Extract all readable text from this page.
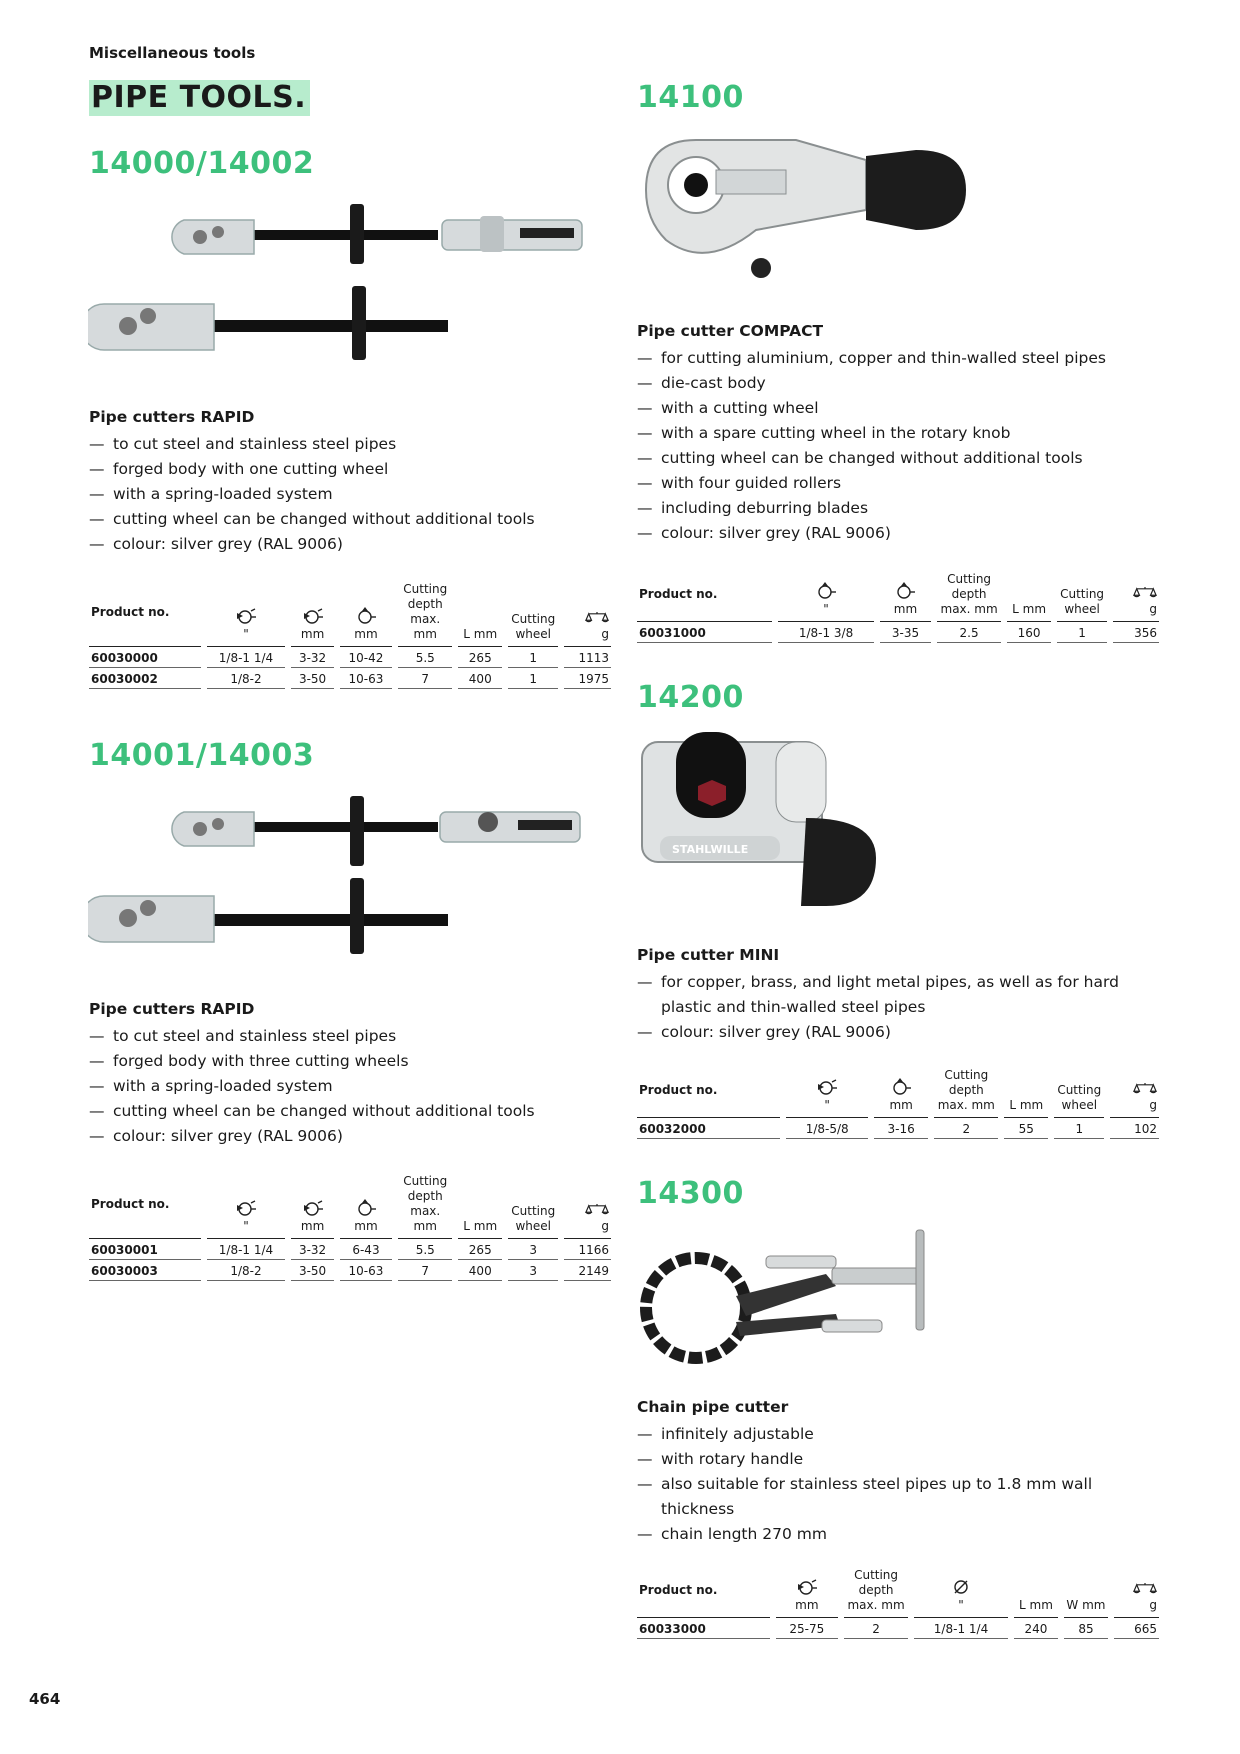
Miscellaneous tools
PIPE TOOLS.
14000/14002
Pipe cutters RAPID
— to cut steel and stainless steel pipes
— forged body with one cutting wheel
— with a spring-loaded system
— cutting wheel can be changed without additional tools
— colour: silver grey (RAL 9006)
Product no.	"	mm	mm	Cutting depth max. mm	L mm	Cutting wheel	g
60030000	1/8-1 1/4	3-32	10-42	5.5	265	1	1113
60030002	1/8-2	3-50	10-63	7	400	1	1975
14001/14003
Pipe cutters RAPID
— to cut steel and stainless steel pipes
— forged body with three cutting wheels
— with a spring-loaded system
— cutting wheel can be changed without additional tools
— colour: silver grey (RAL 9006)
Product no.	"	mm	mm	Cutting depth max. mm	L mm	Cutting wheel	g
60030001	1/8-1 1/4	3-32	6-43	5.5	265	3	1166
60030003	1/8-2	3-50	10-63	7	400	3	2149
14100
Pipe cutter COMPACT
— for cutting aluminium, copper and thin-walled steel pipes
— die-cast body
— with a cutting wheel
— with a spare cutting wheel in the rotary knob
— cutting wheel can be changed without additional tools
— with four guided rollers
— including deburring blades
— colour: silver grey (RAL 9006)
Product no.	"	mm	Cutting depth max. mm	L mm	Cutting wheel	g
60031000	1/8-1 3/8	3-35	2.5	160	1	356
14200
STAHLWILLE
Pipe cutter MINI
— for copper, brass, and light metal pipes, as well as for hard plastic and thin-walled steel pipes
— colour: silver grey (RAL 9006)
Product no.	"	mm	Cutting depth max. mm	L mm	Cutting wheel	g
60032000	1/8-5/8	3-16	2	55	1	102
14300
Chain pipe cutter
— infinitely adjustable
— with rotary handle
— also suitable for stainless steel pipes up to 1.8 mm wall thickness
— chain length 270 mm
Product no.	mm	Cutting depth max. mm	"	L mm	W mm	g
60033000	25-75	2	1/8-1 1/4	240	85	665
464
